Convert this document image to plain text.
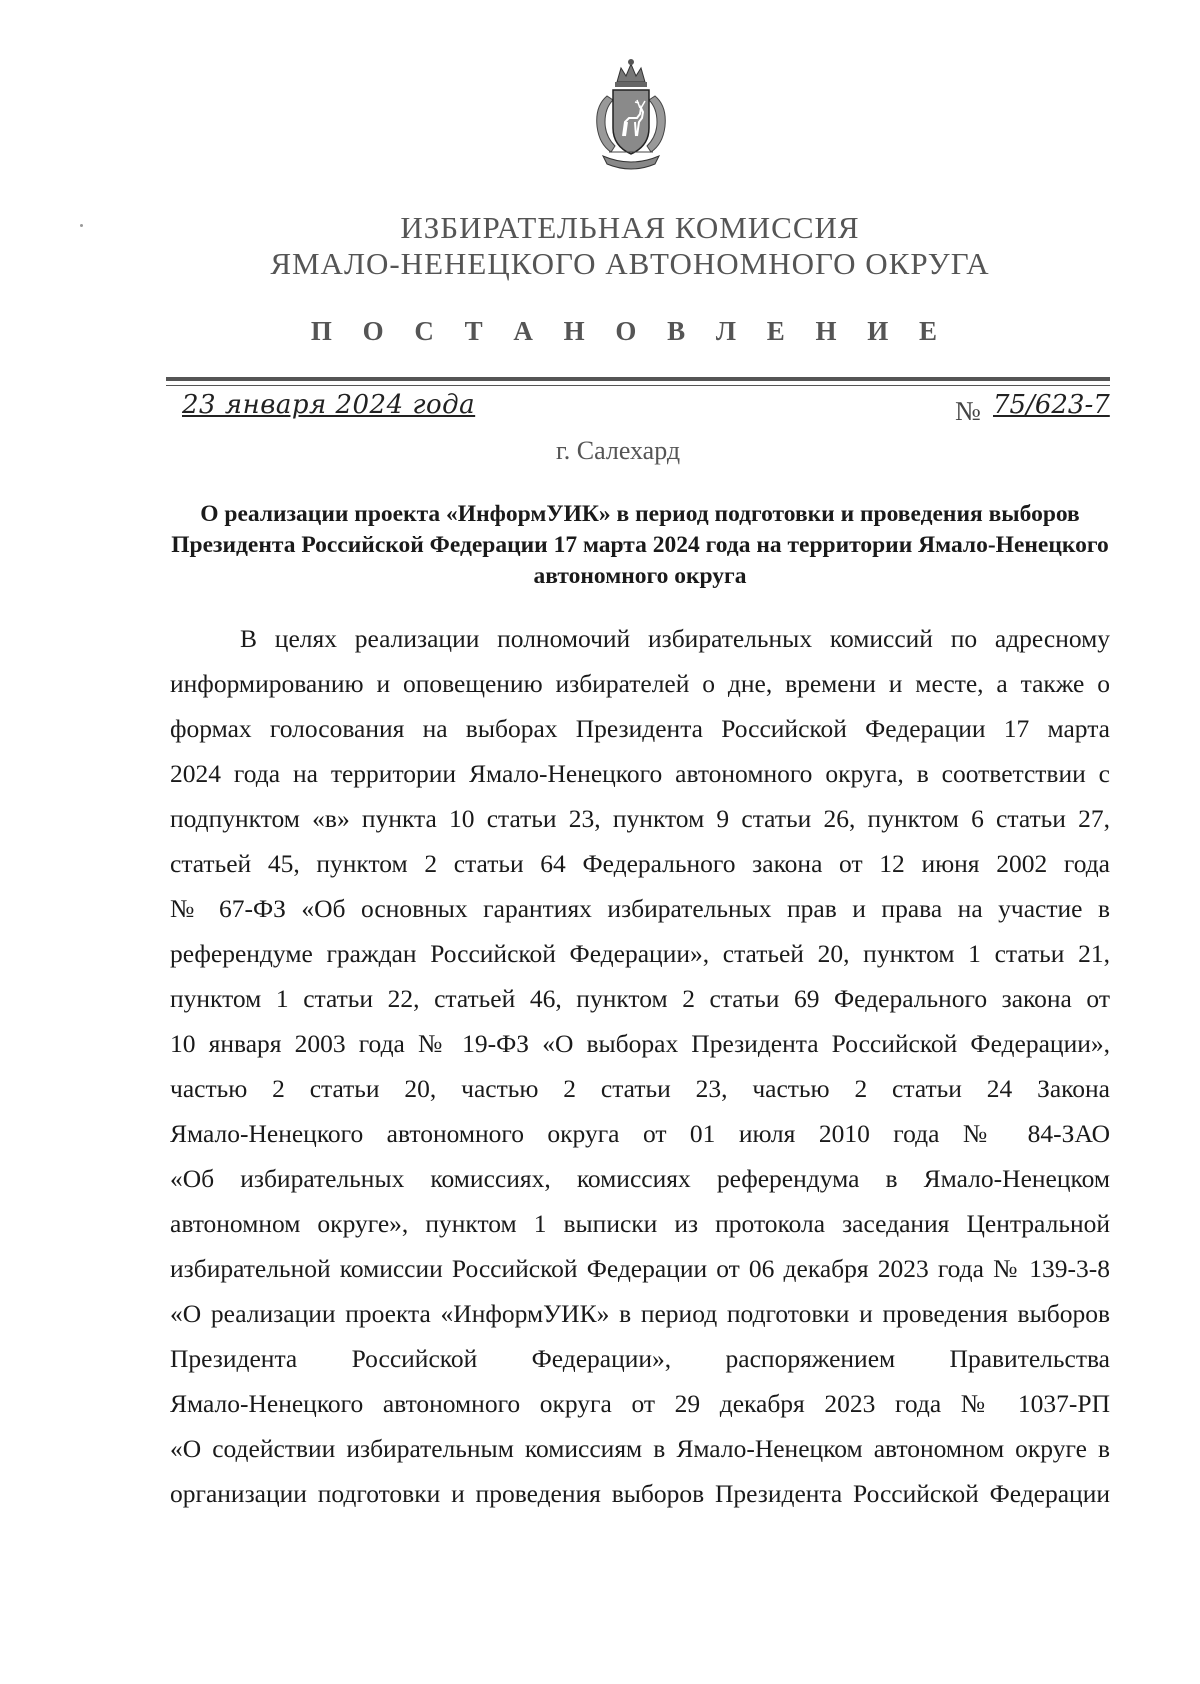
ИЗБИРАТЕЛЬНАЯ КОМИССИЯ
ЯМАЛО-НЕНЕЦКОГО АВТОНОМНОГО ОКРУГА
П О С Т А Н О В Л Е Н И Е
23 января 2024 года	№ 75/623-7
г. Салехард
О реализации проекта «ИнформУИК» в период подготовки и проведения выборов Президента Российской Федерации 17 марта 2024 года на территории Ямало-Ненецкого автономного округа
В целях реализации полномочий избирательных комиссий по адресному
информированию и оповещению избирателей о дне, времени и месте, а также о
формах голосования на выборах Президента Российской Федерации 17 марта
2024 года на территории Ямало-Ненецкого автономного округа, в соответствии с
подпунктом «в» пункта 10 статьи 23, пунктом 9 статьи 26, пунктом 6 статьи 27,
статьей 45, пунктом 2 статьи 64 Федерального закона от 12 июня 2002 года
№ 67-ФЗ «Об основных гарантиях избирательных прав и права на участие в
референдуме граждан Российской Федерации», статьей 20, пунктом 1 статьи 21,
пунктом 1 статьи 22, статьей 46, пунктом 2 статьи 69 Федерального закона от
10 января 2003 года № 19-ФЗ «О выборах Президента Российской Федерации»,
частью 2 статьи 20, частью 2 статьи 23, частью 2 статьи 24 Закона
Ямало-Ненецкого автономного округа от 01 июля 2010 года № 84-ЗАО
«Об избирательных комиссиях, комиссиях референдума в Ямало-Ненецком
автономном округе», пунктом 1 выписки из протокола заседания Центральной
избирательной комиссии Российской Федерации от 06 декабря 2023 года № 139-3-8
«О реализации проекта «ИнформУИК» в период подготовки и проведения выборов
Президента Российской Федерации», распоряжением Правительства
Ямало-Ненецкого автономного округа от 29 декабря 2023 года № 1037-РП
«О содействии избирательным комиссиям в Ямало-Ненецком автономном округе в
организации подготовки и проведения выборов Президента Российской Федерации
